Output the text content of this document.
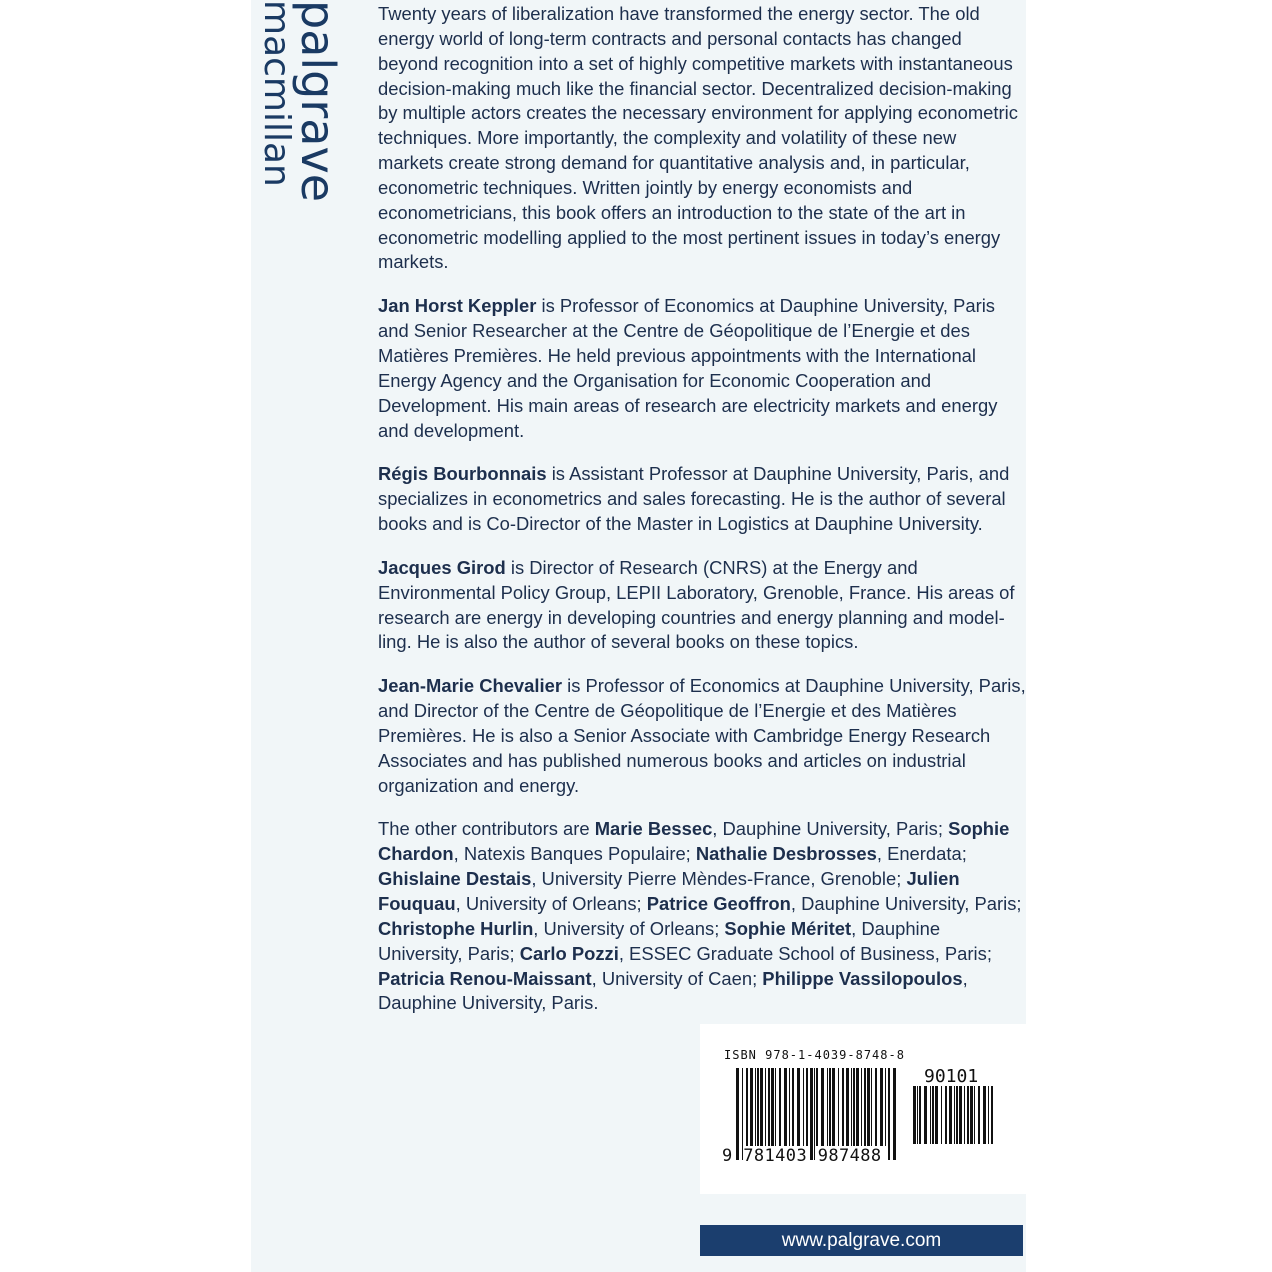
palgrave
macmillan	Twenty years of liberalization have transformed the energy sector. The old energy world of long-term contracts and personal contacts has changed beyond recognition into a set of highly competitive markets with instantaneous decision-making much like the financial sector. Decentralized decision-making by multiple actors creates the necessary environment for applying econometric techniques. More importantly, the complexity and volatility of these new markets create strong demand for quantitative analysis and, in particular, econometric techniques. Written jointly by energy economists and econometricians, this book offers an introduction to the state of the art in econometric modelling applied to the most pertinent issues in today’s energy markets.

Jan Horst Keppler is Professor of Economics at Dauphine University, Paris and Senior Researcher at the Centre de Géopolitique de l’Energie et des Matières Premières. He held previous appointments with the International Energy Agency and the Organisation for Economic Cooperation and Development. His main areas of research are electricity markets and energy and development.

Régis Bourbonnais is Assistant Professor at Dauphine University, Paris, and specializes in econometrics and sales forecasting. He is the author of several books and is Co-Director of the Master in Logistics at Dauphine University.

Jacques Girod is Director of Research (CNRS) at the Energy and Environmental Policy Group, LEPII Laboratory, Grenoble, France. His areas of research are energy in developing countries and energy planning and model-ling. He is also the author of several books on these topics.

Jean-Marie Chevalier is Professor of Economics at Dauphine University, Paris, and Director of the Centre de Géopolitique de l’Energie et des Matières Premières. He is also a Senior Associate with Cambridge Energy Research Associates and has published numerous books and articles on industrial organization and energy.

The other contributors are Marie Bessec, Dauphine University, Paris; Sophie Chardon, Natexis Banques Populaire; Nathalie Desbrosses, Enerdata; Ghislaine Destais, University Pierre Mèndes-France, Grenoble; Julien Fouquau, University of Orleans; Patrice Geoffron, Dauphine University, Paris; Christophe Hurlin, University of Orleans; Sophie Méritet, Dauphine University, Paris; Carlo Pozzi, ESSEC Graduate School of Business, Paris; Patricia Renou-Maissant, University of Caen; Philippe Vassilopoulos, Dauphine University, Paris.

ISBN 978-1-4039-8748-8
90101
9 781403 987488
www.palgrave.com
